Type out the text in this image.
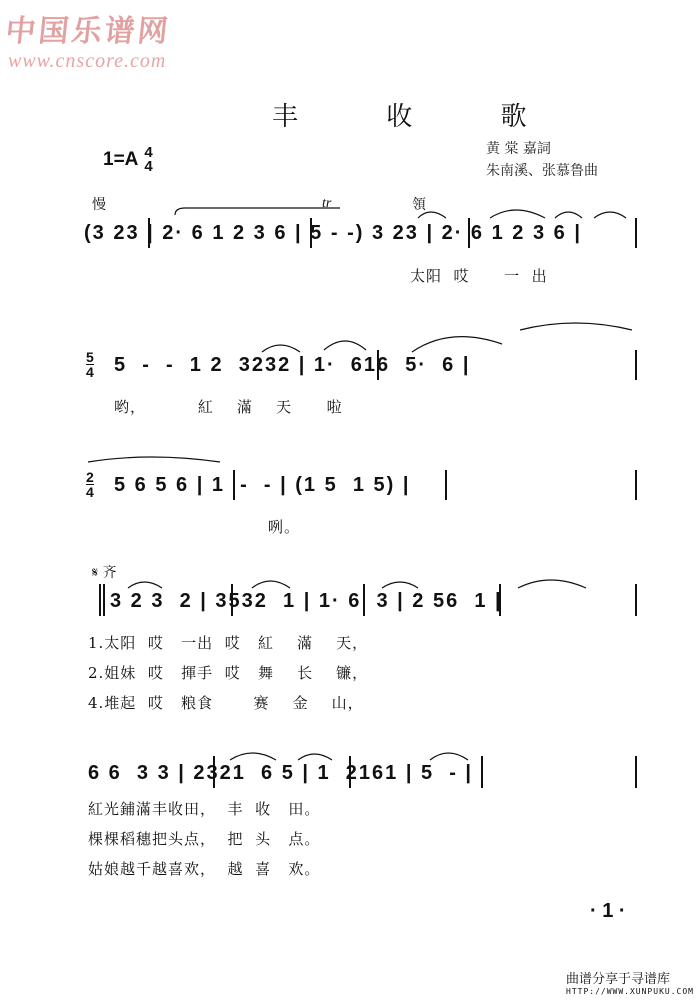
中国乐谱网
www.cnscore.com
丰 收 歌
1=A 4
4
黄 棠 嘉詞
朱南溪、张慕鲁曲
慢	tr	領
(3 23 | 2· 6 1 2 3 6 | 5 - -) 3 23 | 2· 6 1 2 3 6 |
太阳  哎      一  出
5
4 5  -  -  1 2  3232 | 1·  616  5·  6 |
哟，         紅    滿    天      啦
2
4 5 6 5 6 | 1  -  - | (1 5  1 5) |
咧。
𝄋 齐
3 2 3  2 | 3532  1 | 1· 6  3 | 2 56  1 |
1.太阳  哎   一出  哎   紅    滿    天，
2.姐妹  哎   揮手  哎   舞    长    镰，
4.堆起  哎   粮食       赛    金    山，
6 6  3 3 | 2321  6 5 | 1  2161 | 5  - |
紅光鋪滿丰收田，  丰  收   田。
棵棵稻穗把头点，  把  头   点。
姑娘越千越喜欢，  越  喜   欢。
· 1 ·
曲谱分享于寻谱库
HTTP://WWW.XUNPUKU.COM
